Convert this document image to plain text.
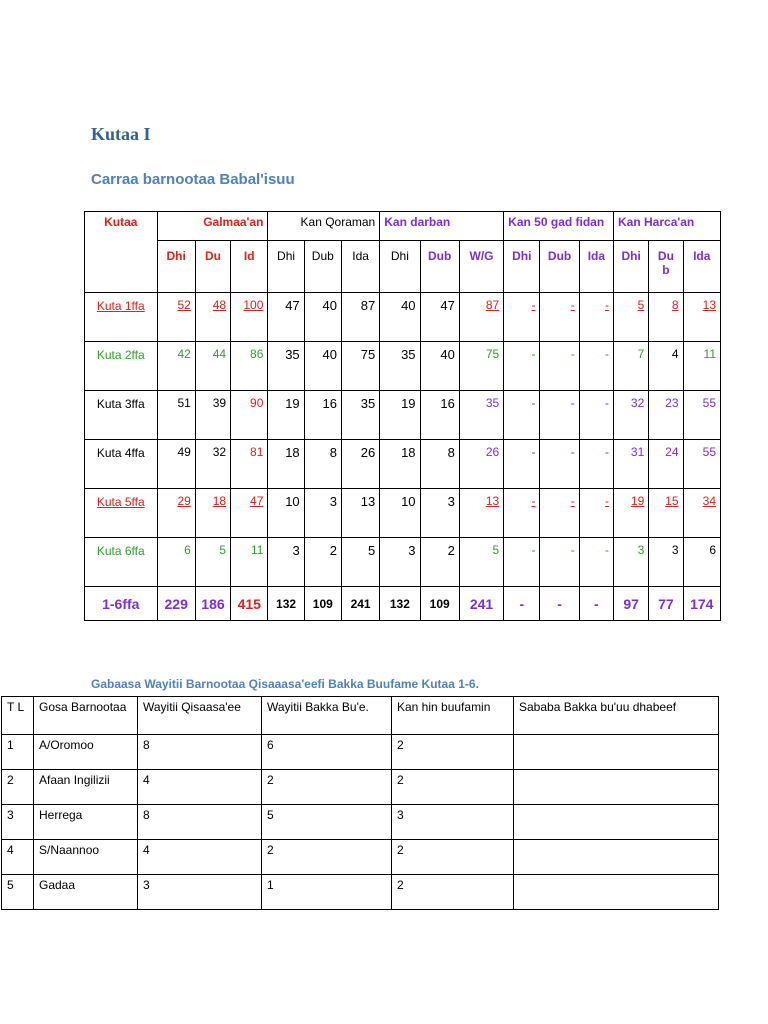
Kutaa I
Carraa barnootaa Babal'isuu
Kutaa	Galmaa'an			Kan Qoraman			Kan darban			Kan 50 gad fidan			Kan Harca'an		
	Dhi	Du	Id	Dhi	Dub	Ida	Dhi	Dub	W/G	Dhi	Dub	Ida	Dhi	Du b	Ida
Kuta 1ffa	52	48	100	47	40	87	40	47	87	-	-	-	5	8	13
Kuta 2ffa	42	44	86	35	40	75	35	40	75	-	-	-	7	4	11
Kuta 3ffa	51	39	90	19	16	35	19	16	35	-	-	-	32	23	55
Kuta 4ffa	49	32	81	18	8	26	18	8	26	-	-	-	31	24	55
Kuta 5ffa	29	18	47	10	3	13	10	3	13	-	-	-	19	15	34
Kuta 6ffa	6	5	11	3	2	5	3	2	5	-	-	-	3	3	6
1-6ffa	229	186	415	132	109	241	132	109	241	-	-	-	97	77	174
Gabaasa Wayitii Barnootaa Qisaaasa'eefi Bakka Buufame Kutaa 1-6.
T L	Gosa Barnootaa	Wayitii Qisaasa'ee	Wayitii Bakka Bu'e.	Kan hin buufamin	Sababa Bakka bu'uu dhabeef
1	A/Oromoo	8	6	2	
2	Afaan Ingilizii	4	2	2	
3	Herrega	8	5	3	
4	S/Naannoo	4	2	2	
5	Gadaa	3	1	2	
